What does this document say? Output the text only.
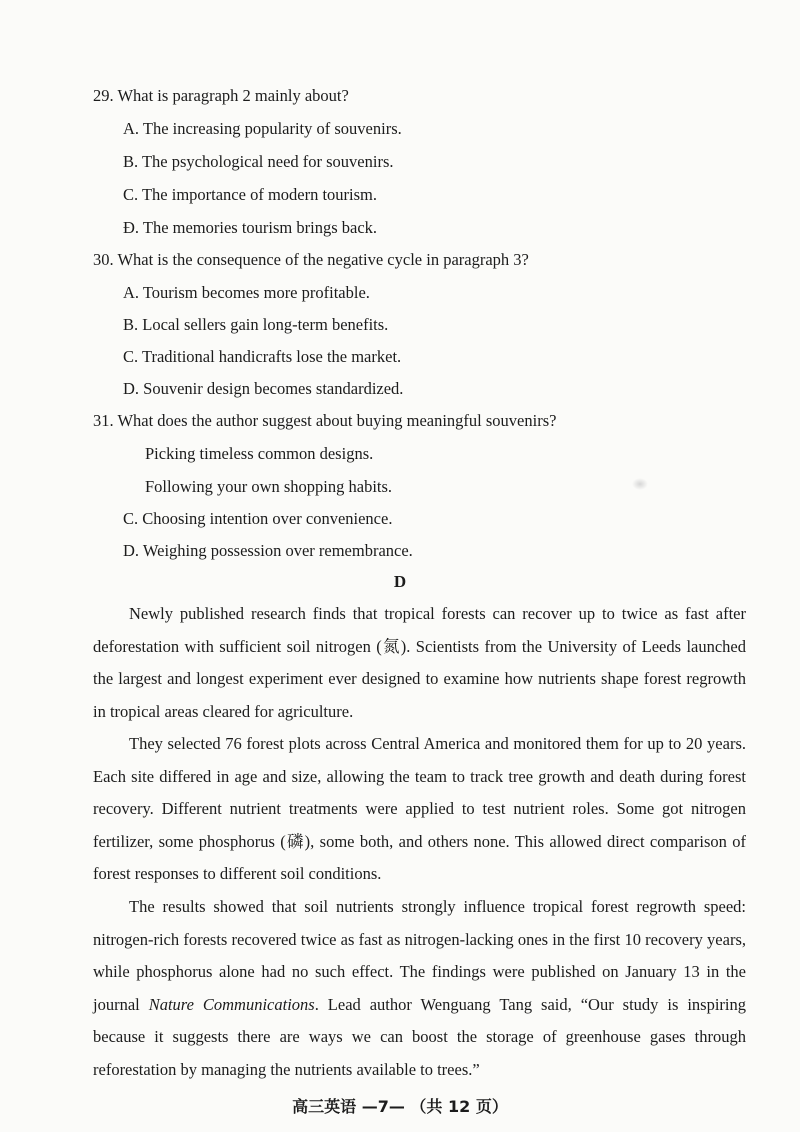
29. What is paragraph 2 mainly about?

A. The increasing popularity of souvenirs.

B. The psychological need for souvenirs.

C. The importance of modern tourism.

Đ. The memories tourism brings back.

30. What is the consequence of the negative cycle in paragraph 3?

A. Tourism becomes more profitable.

B. Local sellers gain long-term benefits.

C. Traditional handicrafts lose the market.

D. Souvenir design becomes standardized.

31. What does the author suggest about buying meaningful souvenirs?

Picking timeless common designs.

Following your own shopping habits.

C. Choosing intention over convenience.

D. Weighing possession over remembrance.

D

Newly published research finds that tropical forests can recover up to twice as fast after deforestation with sufficient soil nitrogen (氮). Scientists from the University of Leeds launched the largest and longest experiment ever designed to examine how nutrients shape forest regrowth in tropical areas cleared for agriculture.

They selected 76 forest plots across Central America and monitored them for up to 20 years. Each site differed in age and size, allowing the team to track tree growth and death during forest recovery. Different nutrient treatments were applied to test nutrient roles. Some got nitrogen fertilizer, some phosphorus (磷), some both, and others none. This allowed direct comparison of forest responses to different soil conditions.

The results showed that soil nutrients strongly influence tropical forest regrowth speed: nitrogen-rich forests recovered twice as fast as nitrogen-lacking ones in the first 10 recovery years, while phosphorus alone had no such effect. The findings were published on January 13 in the journal Nature Communications. Lead author Wenguang Tang said, “Our study is inspiring because it suggests there are ways we can boost the storage of greenhouse gases through reforestation by managing the nutrients available to trees.”

高三英语 —7— （共 12 页）
